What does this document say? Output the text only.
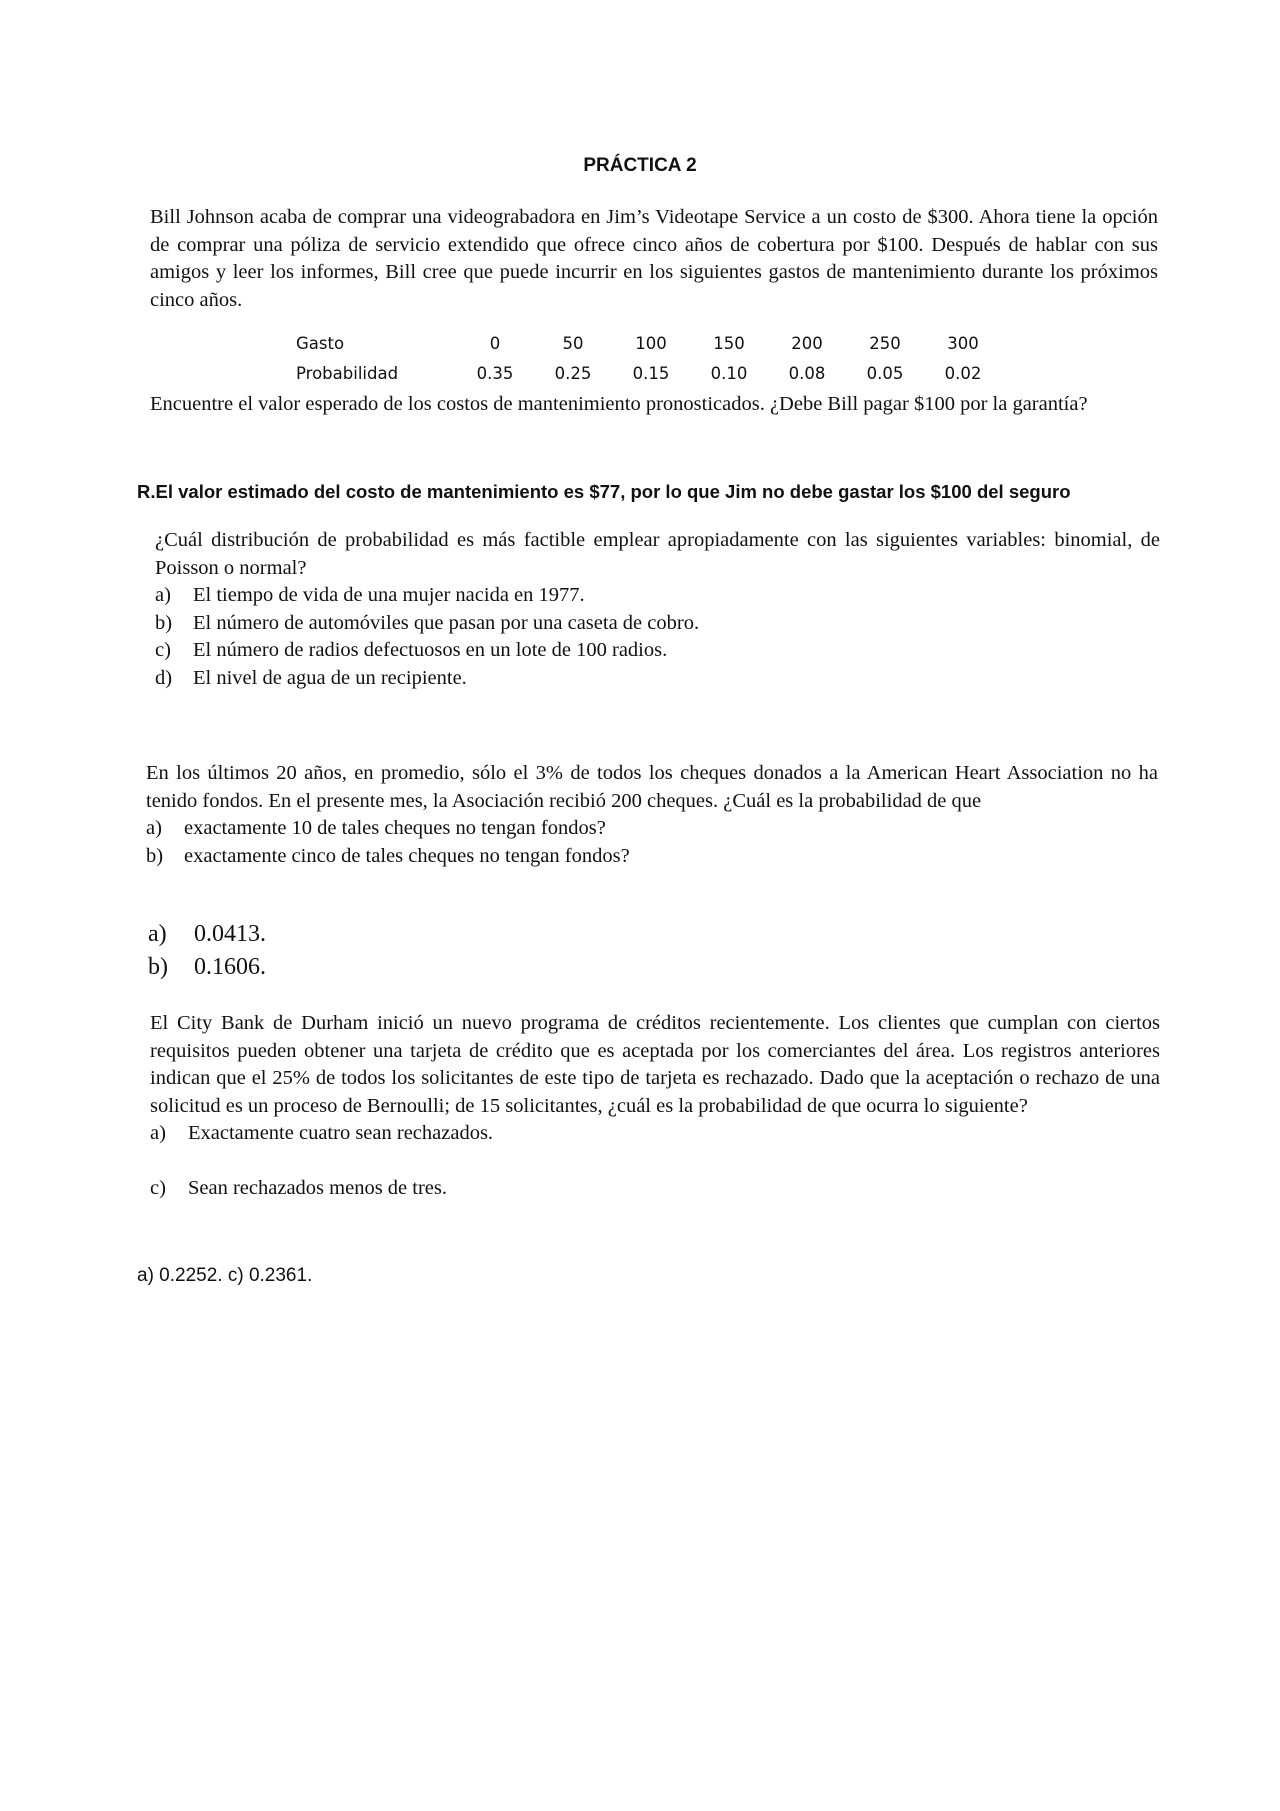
PRÁCTICA 2
Bill Johnson acaba de comprar una videograbadora en Jim’s Videotape Service a un costo de $300. Ahora tiene la opción de comprar una póliza de servicio extendido que ofrece cinco años de cobertura por $100. Después de hablar con sus amigos y leer los informes, Bill cree que puede incurrir en los siguientes gastos de mantenimiento durante los próximos cinco años.
Gasto	0	50	100	150	200	250	300
Probabilidad	0.35	0.25	0.15	0.10	0.08	0.05	0.02
Encuentre el valor esperado de los costos de mantenimiento pronosticados. ¿Debe Bill pagar $100 por la garantía?
R.El valor estimado del costo de mantenimiento es $77, por lo que Jim no debe gastar los $100 del seguro
¿Cuál distribución de probabilidad es más factible emplear apropiadamente con las siguientes variables: binomial, de Poisson o normal?
a)	El tiempo de vida de una mujer nacida en 1977.
b)	El número de automóviles que pasan por una caseta de cobro.
c)	El número de radios defectuosos en un lote de 100 radios.
d)	El nivel de agua de un recipiente.
En los últimos 20 años, en promedio, sólo el 3% de todos los cheques donados a la American Heart Association no ha tenido fondos. En el presente mes, la Asociación recibió 200 cheques. ¿Cuál es la probabilidad de que
a)	exactamente 10 de tales cheques no tengan fondos?
b)	exactamente cinco de tales cheques no tengan fondos?
a)	0.0413.
b)	0.1606.
El City Bank de Durham inició un nuevo programa de créditos recientemente. Los clientes que cumplan con ciertos requisitos pueden obtener una tarjeta de crédito que es aceptada por los comerciantes del área. Los registros anteriores indican que el 25% de todos los solicitantes de este tipo de tarjeta es rechazado. Dado que la aceptación o rechazo de una solicitud es un proceso de Bernoulli; de 15 solicitantes, ¿cuál es la probabilidad de que ocurra lo siguiente?
a)	Exactamente cuatro sean rechazados.
c)	Sean rechazados menos de tres.
a) 0.2252. c) 0.2361.
